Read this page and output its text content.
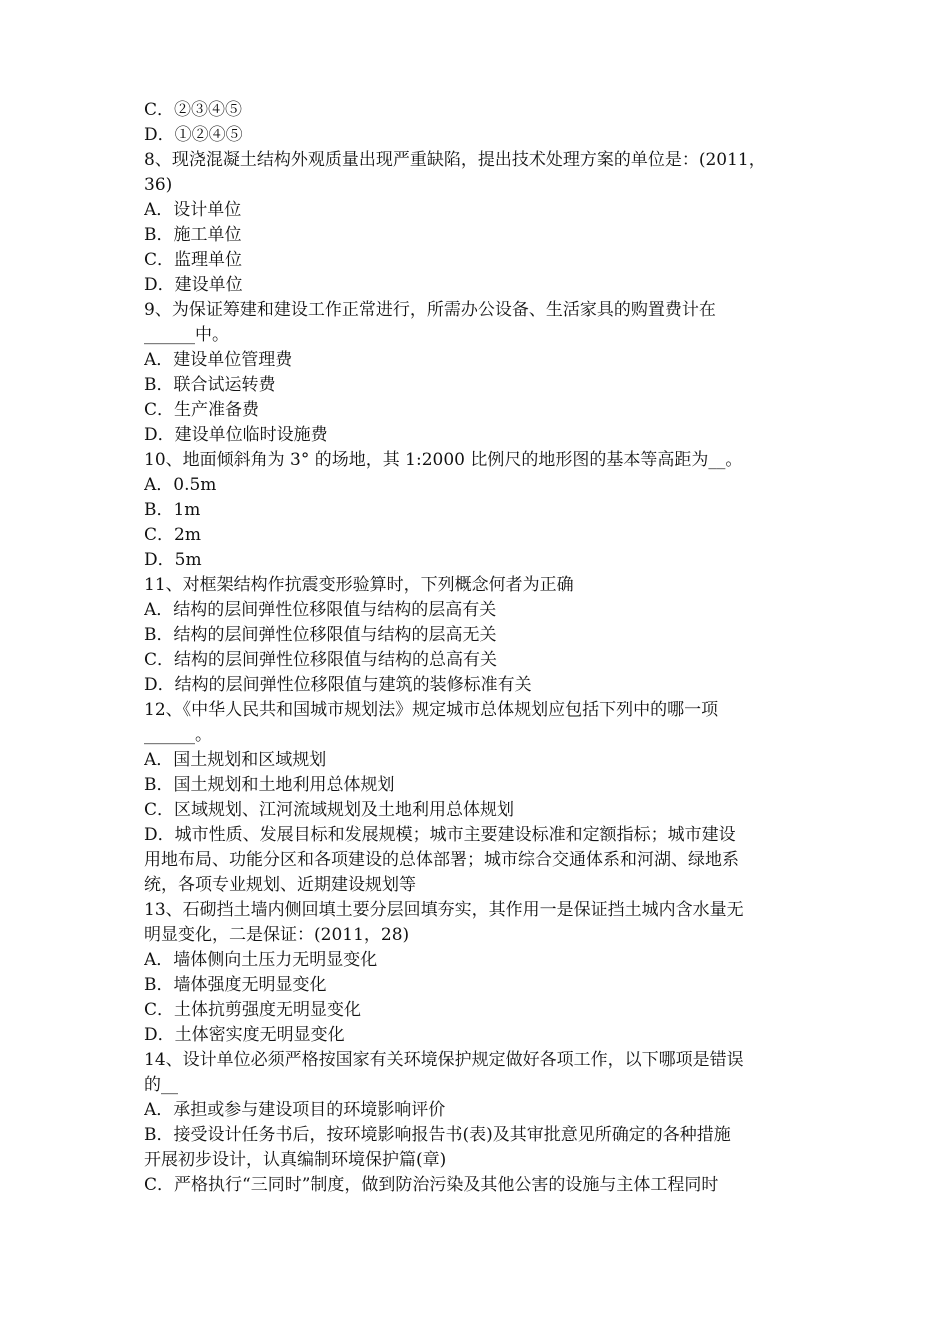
C．②③④⑤
D．①②④⑤
8、现浇混凝土结构外观质量出现严重缺陷，提出技术处理方案的单位是：(2011，
36)
A．设计单位
B．施工单位
C．监理单位
D．建设单位
9、为保证筹建和建设工作正常进行，所需办公设备、生活家具的购置费计在
______中。
A．建设单位管理费
B．联合试运转费
C．生产准备费
D．建设单位临时设施费
10、地面倾斜角为 3° 的场地，其 1:2000 比例尺的地形图的基本等高距为__。
A．0.5m
B．1m
C．2m
D．5m
11、对框架结构作抗震变形验算时，下列概念何者为正确
A．结构的层间弹性位移限值与结构的层高有关
B．结构的层间弹性位移限值与结构的层高无关
C．结构的层间弹性位移限值与结构的总高有关
D．结构的层间弹性位移限值与建筑的装修标准有关
12、《中华人民共和国城市规划法》规定城市总体规划应包括下列中的哪一项
______。
A．国土规划和区域规划
B．国土规划和土地利用总体规划
C．区域规划、江河流域规划及土地利用总体规划
D．城市性质、发展目标和发展规模；城市主要建设标准和定额指标；城市建设
用地布局、功能分区和各项建设的总体部署；城市综合交通体系和河湖、绿地系
统，各项专业规划、近期建设规划等
13、石砌挡土墙内侧回填土要分层回填夯实，其作用一是保证挡土城内含水量无
明显变化，二是保证：(2011，28)
A．墙体侧向土压力无明显变化
B．墙体强度无明显变化
C．土体抗剪强度无明显变化
D．土体密实度无明显变化
14、设计单位必须严格按国家有关环境保护规定做好各项工作，以下哪项是错误
的__
A．承担或参与建设项目的环境影响评价
B．接受设计任务书后，按环境影响报告书(表)及其审批意见所确定的各种措施
开展初步设计，认真编制环境保护篇(章)
C．严格执行“三同时”制度，做到防治污染及其他公害的设施与主体工程同时
